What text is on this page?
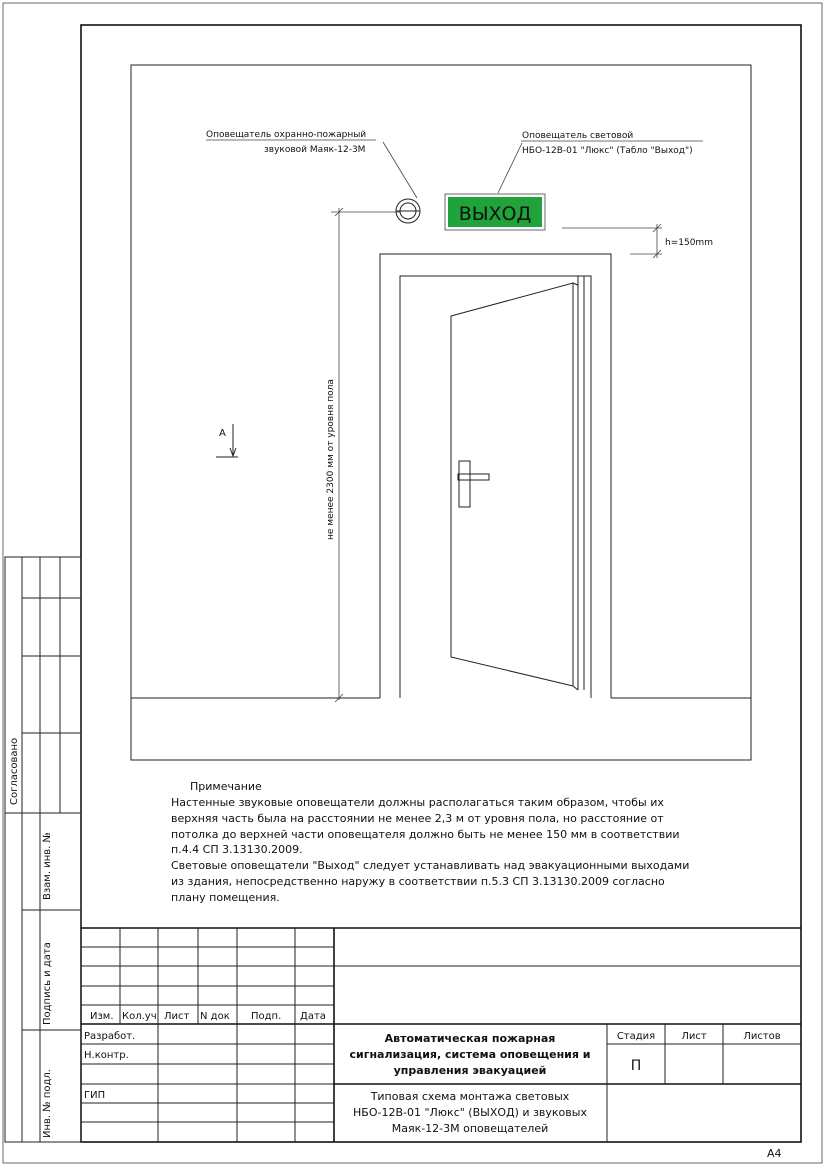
Согласовано
Взам. инв. №
Подпись и дата
Инв. № подл.
ВЫХОД
Оповещатель охранно-пожарный
звуковой Маяк-12-3М
Оповещатель световой
НБО-12В-01 "Люкс" (Табло "Выход")
не менее 2300 мм от уровня пола
h=150mm
А
Примечание
Настенные звуковые оповещатели должны располагаться таким образом, чтобы их
верхняя часть была на расстоянии не менее 2,3 м от уровня пола, но расстояние от
потолка до верхней части оповещателя должно быть не менее 150 мм в соответствии
п.4.4 СП 3.13130.2009.
Световые оповещатели "Выход" следует устанавливать над эвакуационными выходами
из здания, непосредственно наружу в соответствии п.5.3 СП 3.13130.2009 согласно
плану помещения.
Изм. Кол.уч Лист N док Подп. Дата
Разработ.
Н.контр.
ГИП
Автоматическая пожарная
сигнализация, система оповещения и
управления эвакуацией
Типовая схема монтажа световых
НБО-12В-01 "Люкс" (ВЫХОД) и звуковых
Маяк-12-3М оповещателей
Стадия	Лист	Листов
П
А4
